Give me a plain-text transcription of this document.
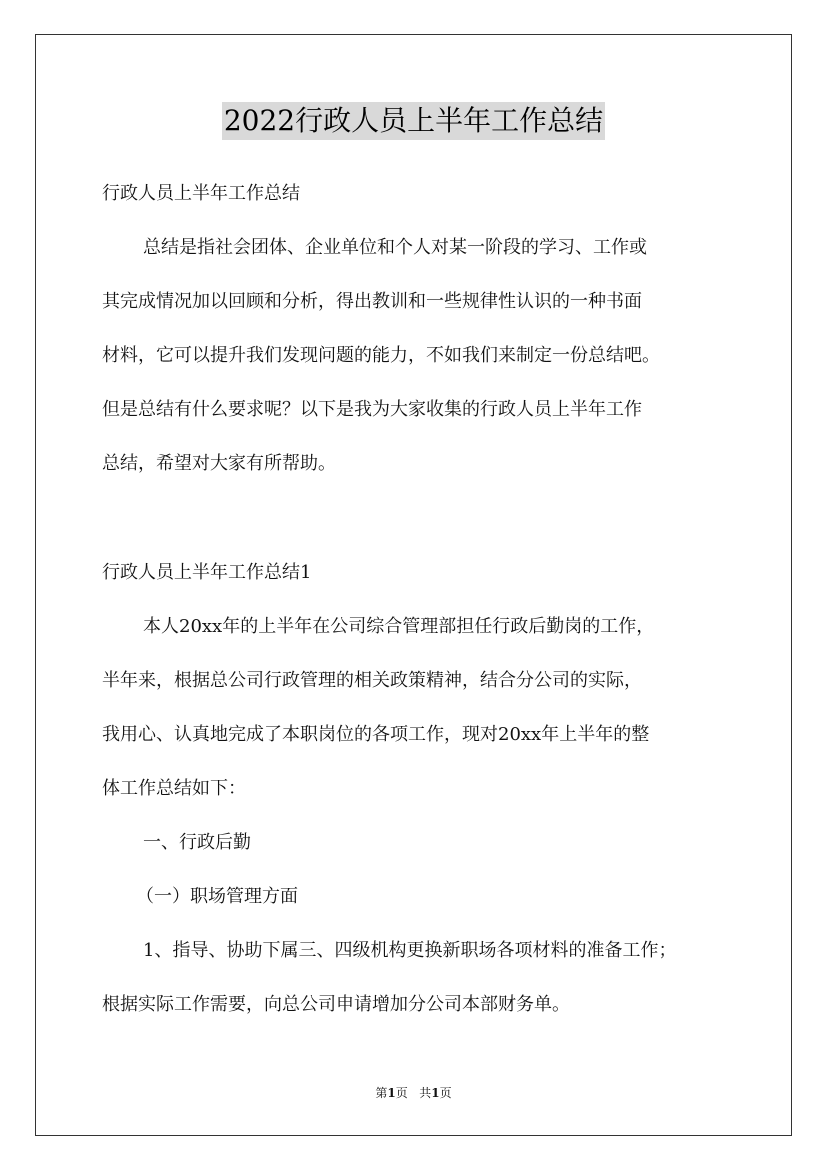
2022行政人员上半年工作总结
行政人员上半年工作总结
总结是指社会团体、企业单位和个人对某一阶段的学习、工作或
其完成情况加以回顾和分析，得出教训和一些规律性认识的一种书面
材料，它可以提升我们发现问题的能力，不如我们来制定一份总结吧。
但是总结有什么要求呢？以下是我为大家收集的行政人员上半年工作
总结，希望对大家有所帮助。
行政人员上半年工作总结1
本人20xx年的上半年在公司综合管理部担任行政后勤岗的工作，
半年来，根据总公司行政管理的相关政策精神，结合分公司的实际，
我用心、认真地完成了本职岗位的各项工作，现对20xx年上半年的整
体工作总结如下：
一、行政后勤
（一）职场管理方面
1、指导、协助下属三、四级机构更换新职场各项材料的准备工作；
根据实际工作需要，向总公司申请增加分公司本部财务单。
第1页   共1页
